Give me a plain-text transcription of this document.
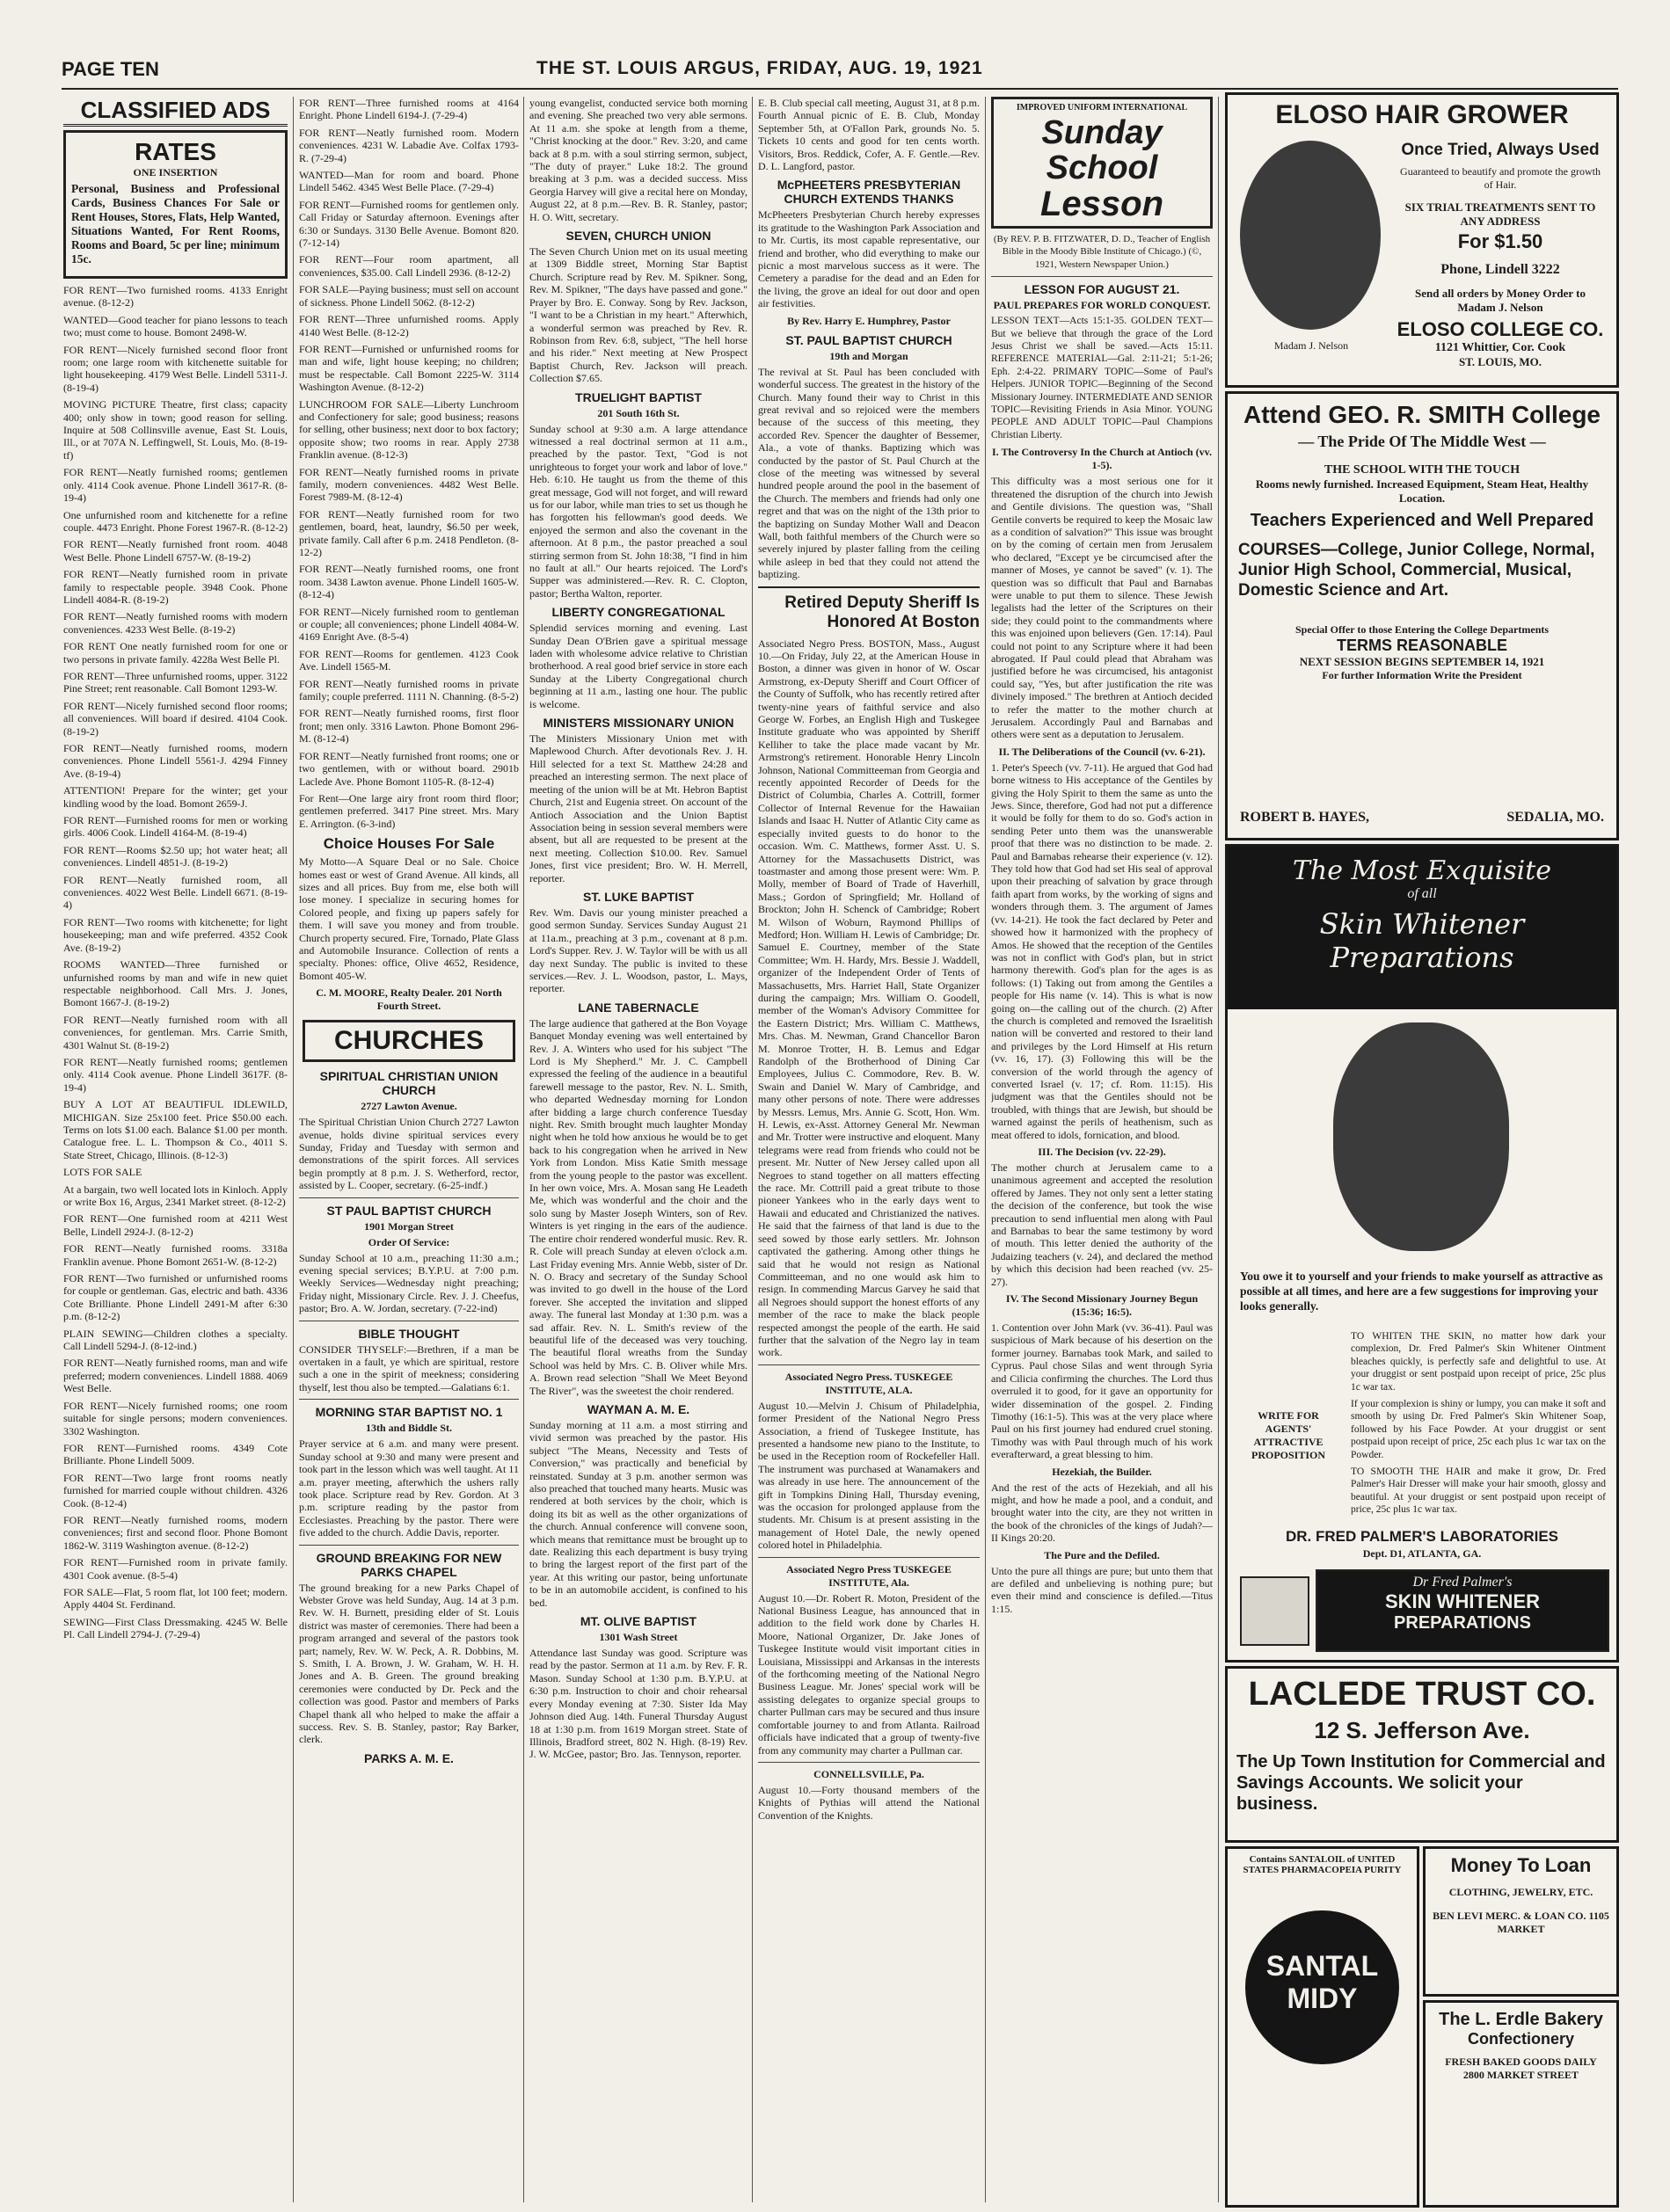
PAGE TEN	THE ST. LOUIS ARGUS, FRIDAY, AUG. 19, 1921
CLASSIFIED ADS
RATES
ONE INSERTION
Personal, Business and Professional Cards, Business Chances For Sale or Rent Houses, Stores, Flats, Help Wanted, Situations Wanted, For Rent Rooms, Rooms and Board, 5c per line; minimum 15c.
FOR RENT—Two furnished rooms. 4133 Enright avenue. (8-12-2)
WANTED—Good teacher for piano lessons to teach two; must come to house. Bomont 2498-W.
FOR RENT—Nicely furnished second floor front room; one large room with kitchenette suitable for light housekeeping. 4179 West Belle. Lindell 5311-J. (8-19-4)
MOVING PICTURE Theatre, first class; capacity 400; only show in town; good reason for selling. Inquire at 508 Collinsville avenue, East St. Louis, Ill., or at 707A N. Leffingwell, St. Louis, Mo. (8-19-tf)
FOR RENT—Neatly furnished rooms; gentlemen only. 4114 Cook avenue. Phone Lindell 3617-R. (8-19-4)
One unfurnished room and kitchenette for a refine couple. 4473 Enright. Phone Forest 1967-R. (8-12-2)
FOR RENT—Neatly furnished front room. 4048 West Belle. Phone Lindell 6757-W. (8-19-2)
FOR RENT—Neatly furnished room in private family to respectable people. 3948 Cook. Phone Lindell 4084-R. (8-19-2)
FOR RENT—Neatly furnished rooms with modern conveniences. 4233 West Belle. (8-19-2)
FOR RENT One neatly furnished room for one or two persons in private family. 4228a West Belle Pl.
FOR RENT—Three unfurnished rooms, upper. 3122 Pine Street; rent reasonable. Call Bomont 1293-W.
FOR RENT—Nicely furnished second floor rooms; all conveniences. Will board if desired. 4104 Cook. (8-19-2)
FOR RENT—Neatly furnished rooms, modern conveniences. Phone Lindell 5561-J. 4294 Finney Ave. (8-19-4)
ATTENTION! Prepare for the winter; get your kindling wood by the load. Bomont 2659-J.
FOR RENT—Furnished rooms for men or working girls. 4006 Cook. Lindell 4164-M. (8-19-4)
FOR RENT—Rooms $2.50 up; hot water heat; all conveniences. Lindell 4851-J. (8-19-2)
FOR RENT—Neatly furnished room, all conveniences. 4022 West Belle. Lindell 6671. (8-19-4)
FOR RENT—Two rooms with kitchenette; for light housekeeping; man and wife preferred. 4352 Cook Ave. (8-19-2)
ROOMS WANTED—Three furnished or unfurnished rooms by man and wife in new quiet respectable neighborhood. Call Mrs. J. Jones, Bomont 1667-J. (8-19-2)
FOR RENT—Neatly furnished room with all conveniences, for gentleman. Mrs. Carrie Smith, 4301 Walnut St. (8-19-2)
FOR RENT—Neatly furnished rooms; gentlemen only. 4114 Cook avenue. Phone Lindell 3617F. (8-19-4)
BUY A LOT AT BEAUTIFUL IDLEWILD, MICHIGAN. Size 25x100 feet. Price $50.00 each. Terms on lots $1.00 each. Balance $1.00 per month. Catalogue free. L. L. Thompson & Co., 4011 S. State Street, Chicago, Illinois. (8-12-3)
LOTS FOR SALE
At a bargain, two well located lots in Kinloch. Apply or write Box 16, Argus, 2341 Market street. (8-12-2)
FOR RENT—One furnished room at 4211 West Belle, Lindell 2924-J. (8-12-2)
FOR RENT—Neatly furnished rooms. 3318a Franklin avenue. Phone Bomont 2651-W. (8-12-2)
FOR RENT—Two furnished or unfurnished rooms for couple or gentleman. Gas, electric and bath. 4336 Cote Brilliante. Phone Lindell 2491-M after 6:30 p.m. (8-12-2)
PLAIN SEWING—Children clothes a specialty. Call Lindell 5294-J. (8-12-ind.)
FOR RENT—Neatly furnished rooms, man and wife preferred; modern conveniences. Lindell 1888. 4069 West Belle.
FOR RENT—Nicely furnished rooms; one room suitable for single persons; modern conveniences. 3302 Washington.
FOR RENT—Furnished rooms. 4349 Cote Brilliante. Phone Lindell 5009.
FOR RENT—Two large front rooms neatly furnished for married couple without children. 4326 Cook. (8-12-4)
FOR RENT—Neatly furnished rooms, modern conveniences; first and second floor. Phone Bomont 1862-W. 3119 Washington avenue. (8-12-2)
FOR RENT—Furnished room in private family. 4301 Cook avenue. (8-5-4)
FOR SALE—Flat, 5 room flat, lot 100 feet; modern. Apply 4404 St. Ferdinand.
SEWING—First Class Dressmaking. 4245 W. Belle Pl. Call Lindell 2794-J. (7-29-4)
FOR RENT—Three furnished rooms at 4164 Enright. Phone Lindell 6194-J. (7-29-4)
FOR RENT—Neatly furnished room. Modern conveniences. 4231 W. Labadie Ave. Colfax 1793-R. (7-29-4)
WANTED—Man for room and board. Phone Lindell 5462. 4345 West Belle Place. (7-29-4)
FOR RENT—Furnished rooms for gentlemen only. Call Friday or Saturday afternoon. Evenings after 6:30 or Sundays. 3130 Belle Avenue. Bomont 820. (7-12-14)
FOR RENT—Four room apartment, all conveniences, $35.00. Call Lindell 2936. (8-12-2)
FOR SALE—Paying business; must sell on account of sickness. Phone Lindell 5062. (8-12-2)
FOR RENT—Three unfurnished rooms. Apply 4140 West Belle. (8-12-2)
FOR RENT—Furnished or unfurnished rooms for man and wife, light house keeping; no children; must be respectable. Call Bomont 2225-W. 3114 Washington Avenue. (8-12-2)
LUNCHROOM FOR SALE—Liberty Lunchroom and Confectionery for sale; good business; reasons for selling, other business; next door to box factory; opposite show; two rooms in rear. Apply 2738 Franklin avenue. (8-12-3)
FOR RENT—Neatly furnished rooms in private family, modern conveniences. 4482 West Belle. Forest 7989-M. (8-12-4)
FOR RENT—Neatly furnished room for two gentlemen, board, heat, laundry, $6.50 per week, private family. Call after 6 p.m. 2418 Pendleton. (8-12-2)
FOR RENT—Neatly furnished rooms, one front room. 3438 Lawton avenue. Phone Lindell 1605-W. (8-12-4)
FOR RENT—Nicely furnished room to gentleman or couple; all conveniences; phone Lindell 4084-W. 4169 Enright Ave. (8-5-4)
FOR RENT—Rooms for gentlemen. 4123 Cook Ave. Lindell 1565-M.
FOR RENT—Neatly furnished rooms in private family; couple preferred. 1111 N. Channing. (8-5-2)
FOR RENT—Neatly furnished rooms, first floor front; men only. 3316 Lawton. Phone Bomont 296-M. (8-12-4)
FOR RENT—Neatly furnished front rooms; one or two gentlemen, with or without board. 2901b Laclede Ave. Phone Bomont 1105-R. (8-12-4)
For Rent—One large airy front room third floor; gentlemen preferred. 3417 Pine street. Mrs. Mary E. Arrington. (6-3-ind)
Choice Houses For Sale
My Motto—A Square Deal or no Sale. Choice homes east or west of Grand Avenue. All kinds, all sizes and all prices. Buy from me, else both will lose money. I specialize in securing homes for Colored people, and fixing up papers safely for them. I will save you money and from trouble. Church property secured. Fire, Tornado, Plate Glass and Automobile Insurance. Collection of rents a specialty. Phones: office, Olive 4652, Residence, Bomont 405-W.
C. M. MOORE, Realty Dealer. 201 North Fourth Street.
CHURCHES
SPIRITUAL CHRISTIAN UNION CHURCH
2727 Lawton Avenue.
The Spiritual Christian Union Church 2727 Lawton avenue, holds divine spiritual services every Sunday, Friday and Tuesday with sermon and demonstrations of the spirit forces. All services begin promptly at 8 p.m. J. S. Wetherford, rector, assisted by L. Cooper, secretary. (6-25-indf.)
ST PAUL BAPTIST CHURCH
1901 Morgan Street
Order Of Service:
Sunday School at 10 a.m., preaching 11:30 a.m.; evening special services; B.Y.P.U. at 7:00 p.m. Weekly Services—Wednesday night preaching; Friday night, Missionary Circle. Rev. J. J. Cheefus, pastor; Bro. A. W. Jordan, secretary. (7-22-ind)
BIBLE THOUGHT
CONSIDER THYSELF:—Brethren, if a man be overtaken in a fault, ye which are spiritual, restore such a one in the spirit of meekness; considering thyself, lest thou also be tempted.—Galatians 6:1.
MORNING STAR BAPTIST NO. 1
13th and Biddle St.
Prayer service at 6 a.m. and many were present. Sunday school at 9:30 and many were present and took part in the lesson which was well taught. At 11 a.m. prayer meeting, afterwhich the ushers rally took place. Scripture read by Rev. Gordon. At 3 p.m. scripture reading by the pastor from Ecclesiastes. Preaching by the pastor. There were five added to the church. Addie Davis, reporter.
GROUND BREAKING FOR NEW PARKS CHAPEL
The ground breaking for a new Parks Chapel of Webster Grove was held Sunday, Aug. 14 at 3 p.m. Rev. W. H. Burnett, presiding elder of St. Louis district was master of ceremonies. There had been a program arranged and several of the pastors took part; namely, Rev. W. W. Peck, A. R. Dobbins, M. S. Smith, I. A. Brown, J. W. Graham, W. H. H. Jones and A. B. Green. The ground breaking ceremonies were conducted by Dr. Peck and the collection was good. Pastor and members of Parks Chapel thank all who helped to make the affair a success. Rev. S. B. Stanley, pastor; Ray Barker, clerk.
PARKS A. M. E.
young evangelist, conducted service both morning and evening. She preached two very able sermons. At 11 a.m. she spoke at length from a theme, "Christ knocking at the door." Rev. 3:20, and came back at 8 p.m. with a soul stirring sermon, subject, "The duty of prayer." Luke 18:2. The ground breaking at 3 p.m. was a decided success. Miss Georgia Harvey will give a recital here on Monday, August 22, at 8 p.m.—Rev. B. R. Stanley, pastor; H. O. Witt, secretary.
SEVEN, CHURCH UNION
The Seven Church Union met on its usual meeting at 1309 Biddle street, Morning Star Baptist Church. Scripture read by Rev. M. Spikner. Song, Rev. M. Spikner, "The days have passed and gone." Prayer by Bro. E. Conway. Song by Rev. Jackson, "I want to be a Christian in my heart." Afterwhich, a wonderful sermon was preached by Rev. R. Robinson from Rev. 6:8, subject, "The hell horse and his rider." Next meeting at New Prospect Baptist Church, Rev. Jackson will preach. Collection $7.65.
TRUELIGHT BAPTIST
201 South 16th St.
Sunday school at 9:30 a.m. A large attendance witnessed a real doctrinal sermon at 11 a.m., preached by the pastor. Text, "God is not unrighteous to forget your work and labor of love." Heb. 6:10. He taught us from the theme of this great message, God will not forget, and will reward us for our labor, while man tries to set us though he has forgotten his fellowman's good deeds. We enjoyed the sermon and also the covenant in the afternoon. At 8 p.m., the pastor preached a soul stirring sermon from St. John 18:38, "I find in him no fault at all." Our hearts rejoiced. The Lord's Supper was administered.—Rev. R. C. Clopton, pastor; Bertha Walton, reporter.
LIBERTY CONGREGATIONAL
Splendid services morning and evening. Last Sunday Dean O'Brien gave a spiritual message laden with wholesome advice relative to Christian brotherhood. A real good brief service in store each Sunday at the Liberty Congregational church beginning at 11 a.m., lasting one hour. The public is welcome.
MINISTERS MISSIONARY UNION
The Ministers Missionary Union met with Maplewood Church. After devotionals Rev. J. H. Hill selected for a text St. Matthew 24:28 and preached an interesting sermon. The next place of meeting of the union will be at Mt. Hebron Baptist Church, 21st and Eugenia street. On account of the Antioch Association and the Union Baptist Association being in session several members were absent, but all are requested to be present at the next meeting. Collection $10.00. Rev. Samuel Jones, first vice president; Bro. W. H. Merrell, reporter.
ST. LUKE BAPTIST
Rev. Wm. Davis our young minister preached a good sermon Sunday. Services Sunday August 21 at 11a.m., preaching at 3 p.m., covenant at 8 p.m. Lord's Supper. Rev. J. W. Taylor will be with us all day next Sunday. The public is invited to these services.—Rev. J. L. Woodson, pastor, L. Mays, reporter.
LANE TABERNACLE
The large audience that gathered at the Bon Voyage Banquet Monday evening was well entertained by Rev. J. A. Winters who used for his subject "The Lord is My Shepherd." Mr. J. C. Campbell expressed the feeling of the audience in a beautiful farewell message to the pastor, Rev. N. L. Smith, who departed Wednesday morning for London after bidding a large church conference Tuesday night. Rev. Smith brought much laughter Monday night when he told how anxious he would be to get back to his congregation when he arrived in New York from London. Miss Katie Smith message from the young people to the pastor was excellent. In her own voice, Mrs. A. Mosan sang He Leadeth Me, which was wonderful and the choir and the solo sung by Master Joseph Winters, son of Rev. Winters is yet ringing in the ears of the audience. The entire choir rendered wonderful music. Rev. R. R. Cole will preach Sunday at eleven o'clock a.m. Last Friday evening Mrs. Annie Webb, sister of Dr. N. O. Bracy and secretary of the Sunday School was invited to go dwell in the house of the Lord forever. She accepted the invitation and slipped away. The funeral last Monday at 1:30 p.m. was a sad affair. Rev. N. L. Smith's review of the beautiful life of the deceased was very touching. The beautiful floral wreaths from the Sunday School was held by Mrs. C. B. Oliver while Mrs. A. Brown read selection "Shall We Meet Beyond The River", was the sweetest the choir rendered.
WAYMAN A. M. E.
Sunday morning at 11 a.m. a most stirring and vivid sermon was preached by the pastor. His subject "The Means, Necessity and Tests of Conversion," was practically and beneficial by reinstated. Sunday at 3 p.m. another sermon was also preached that touched many hearts. Music was rendered at both services by the choir, which is doing its bit as well as the other organizations of the church. Annual conference will convene soon, which means that remittance must be brought up to date. Realizing this each department is busy trying to bring the largest report of the first part of the year. At this writing our pastor, being unfortunate to be in an automobile accident, is confined to his bed.
MT. OLIVE BAPTIST
1301 Wash Street
Attendance last Sunday was good. Scripture was read by the pastor. Sermon at 11 a.m. by Rev. F. R. Mason. Sunday School at 1:30 p.m. B.Y.P.U. at 6:30 p.m. Instruction to choir and choir rehearsal every Monday evening at 7:30. Sister Ida May Johnson died Aug. 14th. Funeral Thursday August 18 at 1:30 p.m. from 1619 Morgan street. State of Illinois, Bradford street, 802 N. High. (8-19) Rev. J. W. McGee, pastor; Bro. Jas. Tennyson, reporter.
E. B. Club special call meeting, August 31, at 8 p.m. Fourth Annual picnic of E. B. Club, Monday September 5th, at O'Fallon Park, grounds No. 5. Tickets 10 cents and good for ten cents worth. Visitors, Bros. Reddick, Cofer, A. F. Gentle.—Rev. D. L. Langford, pastor.
McPHEETERS PRESBYTERIAN CHURCH EXTENDS THANKS
McPheeters Presbyterian Church hereby expresses its gratitude to the Washington Park Association and to Mr. Curtis, its most capable representative, our friend and brother, who did everything to make our picnic a most marvelous success as it were. The Cemetery a paradise for the dead and an Eden for the living, the grove an ideal for out door and open air festivities.
By Rev. Harry E. Humphrey, Pastor
ST. PAUL BAPTIST CHURCH
19th and Morgan
The revival at St. Paul has been concluded with wonderful success. The greatest in the history of the Church. Many found their way to Christ in this great revival and so rejoiced were the members because of the success of this meeting, they accorded Rev. Spencer the daughter of Bessemer, Ala., a vote of thanks. Baptizing which was conducted by the pastor of St. Paul Church at the close of the meeting was witnessed by several hundred people around the pool in the basement of the Church. The members and friends had only one regret and that was on the night of the 13th prior to the baptizing on Sunday Mother Wall and Deacon Wall, both faithful members of the Church were so severely injured by plaster falling from the ceiling while asleep in bed that they could not attend the baptizing.
Retired Deputy Sheriff Is Honored At Boston
Associated Negro Press. BOSTON, Mass., August 10.—On Friday, July 22, at the American House in Boston, a dinner was given in honor of W. Oscar Armstrong, ex-Deputy Sheriff and Court Officer of the County of Suffolk, who has recently retired after twenty-nine years of faithful service and also George W. Forbes, an English High and Tuskegee Institute graduate who was appointed by Sheriff Kelliher to take the place made vacant by Mr. Armstrong's retirement. Honorable Henry Lincoln Johnson, National Committeeman from Georgia and recently appointed Recorder of Deeds for the District of Columbia, Charles A. Cottrill, former Collector of Internal Revenue for the Hawaiian Islands and Isaac H. Nutter of Atlantic City came as especially invited guests to do honor to the occasion. Wm. C. Matthews, former Asst. U. S. Attorney for the Massachusetts District, was toastmaster and among those present were: Wm. P. Molly, member of Board of Trade of Haverhill, Mass.; Gordon of Springfield; Mr. Holland of Brockton; John H. Schenck of Cambridge; Robert M. Wilson of Woburn, Raymond Phillips of Medford; Hon. William H. Lewis of Cambridge; Dr. Samuel E. Courtney, member of the State Committee; Wm. H. Hardy, Mrs. Bessie J. Waddell, organizer of the Independent Order of Tents of Massachusetts, Mrs. Harriet Hall, State Organizer during the campaign; Mrs. William O. Goodell, member of the Woman's Advisory Committee for the Eastern District; Mrs. William C. Matthews, Mrs. Chas. M. Newman, Grand Chancellor Baron M. Monroe Trotter, H. B. Lemus and Edgar Randolph of the Brotherhood of Dining Car Employees, Julius C. Commodore, Rev. B. W. Swain and Daniel W. Mary of Cambridge, and many other persons of note. There were addresses by Messrs. Lemus, Mrs. Annie G. Scott, Hon. Wm. H. Lewis, ex-Asst. Attorney General Mr. Newman and Mr. Trotter were instructive and eloquent. Many telegrams were read from friends who could not be present. Mr. Nutter of New Jersey called upon all Negroes to stand together on all matters effecting the race. Mr. Cottrill paid a great tribute to those pioneer Yankees who in the early days went to Hawaii and educated and Christianized the natives. He said that the fairness of that land is due to the seed sowed by those early settlers. Mr. Johnson captivated the gathering. Among other things he said that he would not resign as National Committeeman, and no one would ask him to resign. In commending Marcus Garvey he said that all Negroes should support the honest efforts of any member of the race to make the black people respected amongst the people of the earth. He said further that the salvation of the Negro lay in team work.
Associated Negro Press. TUSKEGEE INSTITUTE, ALA.
August 10.—Melvin J. Chisum of Philadelphia, former President of the National Negro Press Association, a friend of Tuskegee Institute, has presented a handsome new piano to the Institute, to be used in the Reception room of Rockefeller Hall. The instrument was purchased at Wanamakers and was already in use here. The announcement of the gift in Tompkins Dining Hall, Thursday evening, was the occasion for prolonged applause from the students. Mr. Chisum is at present assisting in the management of Hotel Dale, the newly opened colored hotel in Philadelphia.
Associated Negro Press TUSKEGEE INSTITUTE, Ala.
August 10.—Dr. Robert R. Moton, President of the National Business League, has announced that in addition to the field work done by Charles H. Moore, National Organizer, Dr. Jake Jones of Tuskegee Institute would visit important cities in Louisiana, Mississippi and Arkansas in the interests of the forthcoming meeting of the National Negro Business League. Mr. Jones' special work will be assisting delegates to organize special groups to charter Pullman cars may be secured and thus insure comfortable journey to and from Atlanta. Railroad officials have indicated that a group of twenty-five from any community may charter a Pullman car.
CONNELLSVILLE, Pa.
August 10.—Forty thousand members of the Knights of Pythias will attend the National Convention of the Knights.
IMPROVED UNIFORM INTERNATIONAL
Sunday School
Lesson
(By REV. P. B. FITZWATER, D. D., Teacher of English Bible in the Moody Bible Institute of Chicago.) (©, 1921, Western Newspaper Union.)
LESSON FOR AUGUST 21.
PAUL PREPARES FOR WORLD CONQUEST.
LESSON TEXT—Acts 15:1-35. GOLDEN TEXT—But we believe that through the grace of the Lord Jesus Christ we shall be saved.—Acts 15:11. REFERENCE MATERIAL—Gal. 2:11-21; 5:1-26; Eph. 2:4-22. PRIMARY TOPIC—Some of Paul's Helpers. JUNIOR TOPIC—Beginning of the Second Missionary Journey. INTERMEDIATE AND SENIOR TOPIC—Revisiting Friends in Asia Minor. YOUNG PEOPLE AND ADULT TOPIC—Paul Champions Christian Liberty.
I. The Controversy In the Church at Antioch (vv. 1-5).
This difficulty was a most serious one for it threatened the disruption of the church into Jewish and Gentile divisions. The question was, "Shall Gentile converts be required to keep the Mosaic law as a condition of salvation?" This issue was brought on by the coming of certain men from Jerusalem who declared, "Except ye be circumcised after the manner of Moses, ye cannot be saved" (v. 1). The question was so difficult that Paul and Barnabas were unable to put them to silence. These Jewish legalists had the letter of the Scriptures on their side; they could point to the commandments where this was enjoined upon believers (Gen. 17:14). Paul could not point to any Scripture where it had been abrogated. If Paul could plead that Abraham was justified before he was circumcised, his antagonist could say, "Yes, but after justification the rite was divinely imposed." The brethren at Antioch decided to refer the matter to the mother church at Jerusalem. Accordingly Paul and Barnabas and others were sent as a deputation to Jerusalem.
II. The Deliberations of the Council (vv. 6-21).
1. Peter's Speech (vv. 7-11). He argued that God had borne witness to His acceptance of the Gentiles by giving the Holy Spirit to them the same as unto the Jews. Since, therefore, God had not put a difference it would be folly for them to do so. God's action in sending Peter unto them was the unanswerable proof that there was no distinction to be made. 2. Paul and Barnabas rehearse their experience (v. 12). They told how that God had set His seal of approval upon their preaching of salvation by grace through faith apart from works, by the working of signs and wonders through them. 3. The argument of James (vv. 14-21). He took the fact declared by Peter and showed how it harmonized with the prophecy of Amos. He showed that the reception of the Gentiles was not in conflict with God's plan, but in strict harmony therewith. God's plan for the ages is as follows: (1) Taking out from among the Gentiles a people for His name (v. 14). This is what is now going on—the calling out of the church. (2) After the church is completed and removed the Israelitish nation will be converted and restored to their land and privileges by the Lord Himself at His return (vv. 16, 17). (3) Following this will be the conversion of the world through the agency of converted Israel (v. 17; cf. Rom. 11:15). His judgment was that the Gentiles should not be troubled, with things that are Jewish, but should be warned against the perils of heathenism, such as meat offered to idols, fornication, and blood.
III. The Decision (vv. 22-29).
The mother church at Jerusalem came to a unanimous agreement and accepted the resolution offered by James. They not only sent a letter stating the decision of the conference, but took the wise precaution to send influential men along with Paul and Barnabas to bear the same testimony by word of mouth. This letter denied the authority of the Judaizing teachers (v. 24), and declared the method by which this decision had been reached (vv. 25-27).
IV. The Second Missionary Journey Begun (15:36; 16:5).
1. Contention over John Mark (vv. 36-41). Paul was suspicious of Mark because of his desertion on the former journey. Barnabas took Mark, and sailed to Cyprus. Paul chose Silas and went through Syria and Cilicia confirming the churches. The Lord thus overruled it to good, for it gave an opportunity for wider dissemination of the gospel. 2. Finding Timothy (16:1-5). This was at the very place where Paul on his first journey had endured cruel stoning. Timothy was with Paul through much of his work everafterward, a great blessing to him.
Hezekiah, the Builder.
And the rest of the acts of Hezekiah, and all his might, and how he made a pool, and a conduit, and brought water into the city, are they not written in the book of the chronicles of the kings of Judah?—II Kings 20:20.
The Pure and the Defiled.
Unto the pure all things are pure; but unto them that are defiled and unbelieving is nothing pure; but even their mind and conscience is defiled.—Titus 1:15.
ELOSO HAIR GROWER
Madam J. Nelson
Once Tried, Always Used
Guaranteed to beautify and promote the growth of Hair.
SIX TRIAL TREATMENTS SENT TO ANY ADDRESS
For $1.50
Phone, Lindell 3222
Send all orders by Money Order to Madam J. Nelson
ELOSO COLLEGE CO.
1121 Whittier, Cor. Cook
ST. LOUIS, MO.
Attend GEO. R. SMITH College
— The Pride Of The Middle West —
THE SCHOOL WITH THE TOUCH
Rooms newly furnished. Increased Equipment, Steam Heat, Healthy Location.
Teachers Experienced and Well Prepared
COURSES—College, Junior College, Normal, Junior High School, Commercial, Musical, Domestic Science and Art.
Special Offer to those Entering the College Departments
TERMS REASONABLE
NEXT SESSION BEGINS SEPTEMBER 14, 1921
For further Information Write the President
ROBERT B. HAYES,	SEDALIA, MO.
The Most Exquisite
of all
Skin Whitener Preparations
You owe it to yourself and your friends to make yourself as attractive as possible at all times, and here are a few suggestions for improving your looks generally.
WRITE FOR AGENTS' ATTRACTIVE PROPOSITION
TO WHITEN THE SKIN, no matter how dark your complexion, Dr. Fred Palmer's Skin Whitener Ointment bleaches quickly, is perfectly safe and delightful to use. At your druggist or sent postpaid upon receipt of price, 25c plus 1c war tax.
If your complexion is shiny or lumpy, you can make it soft and smooth by using Dr. Fred Palmer's Skin Whitener Soap, followed by his Face Powder. At your druggist or sent postpaid upon receipt of price, 25c each plus 1c war tax on the Powder.
TO SMOOTH THE HAIR and make it grow, Dr. Fred Palmer's Hair Dresser will make your hair smooth, glossy and beautiful. At your druggist or sent postpaid upon receipt of price, 25c plus 1c war tax.
DR. FRED PALMER'S LABORATORIES
Dept. D1, ATLANTA, GA.
Dr Fred Palmer's
SKIN WHITENER
PREPARATIONS
LACLEDE TRUST CO.
12 S. Jefferson Ave.
The Up Town Institution for Commercial and Savings Accounts. We solicit your business.
Contains SANTALOIL of UNITED STATES PHARMACOPEIA PURITY
SANTAL
MIDY
Money To Loan
CLOTHING, JEWELRY, ETC.
BEN LEVI MERC. & LOAN CO. 1105 MARKET
The L. Erdle Bakery
Confectionery
FRESH BAKED GOODS DAILY
2800 MARKET STREET
